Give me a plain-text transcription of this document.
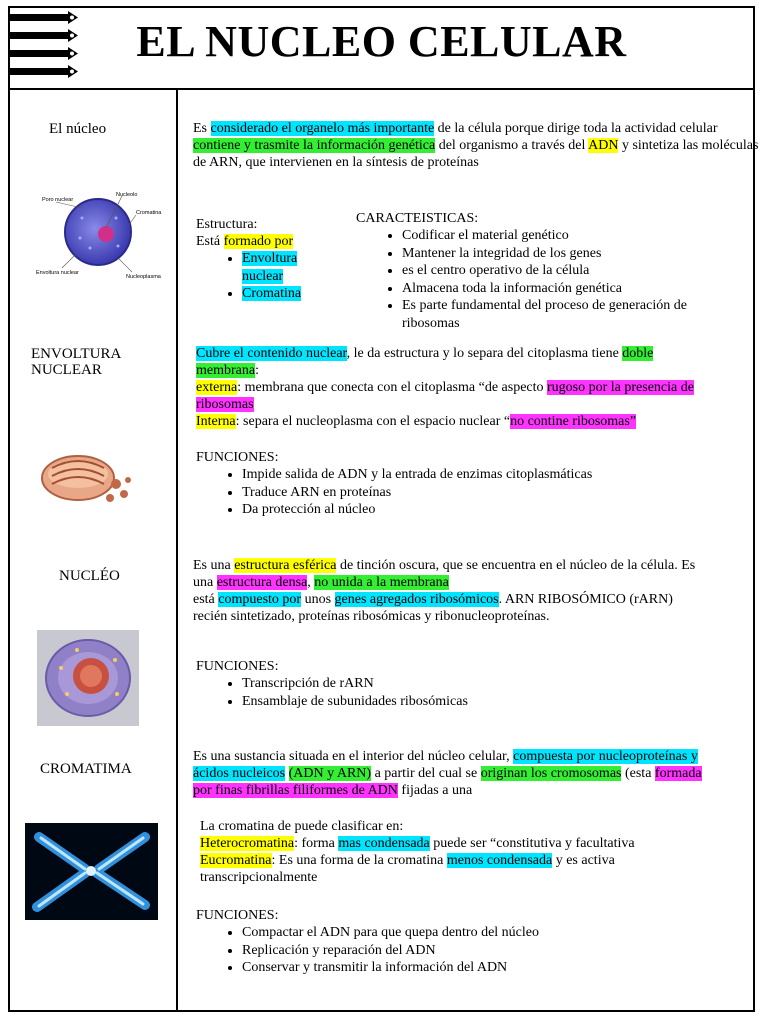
EL NUCLEO CELULAR
El núcleo
Poro nuclear
Nucleolo
Cromatina
Envoltura nuclear
Nucleoplasma
ENVOLTURA
NUCLEAR
NUCLÉO
CROMATIMA

Es considerado el organelo más importante de la célula porque dirige toda la actividad celular

contiene y trasmite la información genética del organismo a través del ADN y sintetiza las moléculas de ARN, que intervienen en la síntesis de proteínas

Estructura:

Está formado por

• Envoltura nuclear
• Cromatina

CARACTEISTICAS:

• Codificar el material genético
• Mantener la integridad de los genes
• es el centro operativo de la célula
• Almacena toda la información genética
• Es parte fundamental del proceso de generación de ribosomas

Cubre el contenido nuclear, le da estructura y lo separa del citoplasma tiene doble membrana:

externa: membrana que conecta con el citoplasma “de aspecto rugoso por la presencia de ribosomas

Interna: separa el nucleoplasma con el espacio nuclear “no contine ribosomas”

FUNCIONES:

• Impide salida de ADN y la entrada de enzimas citoplasmáticas
• Traduce ARN en proteínas
• Da protección al núcleo

Es una estructura esférica de tinción oscura, que se encuentra en el núcleo de la célula. Es una estructura densa, no unida a la membrana

está compuesto por unos genes agregados ribosómicos. ARN RIBOSÓMICO (rARN) recién sintetizado, proteínas ribosómicas y ribonucleoproteínas.

FUNCIONES:

• Transcripción de rARN
• Ensamblaje de subunidades ribosómicas

Es una sustancia situada en el interior del núcleo celular, compuesta por nucleoproteínas y ácidos nucleicos (ADN y ARN) a partir del cual se originan los cromosomas (esta formada por finas fibrillas filiformes de ADN fijadas a una

La cromatina de puede clasificar en:

Heterocromatina: forma mas condensada puede ser “constitutiva y facultativa

Eucromatina: Es una forma de la cromatina menos condensada y es activa transcripcionalmente

FUNCIONES:

• Compactar el ADN para que quepa dentro del núcleo
• Replicación y reparación del ADN
• Conservar y transmitir la información del ADN
